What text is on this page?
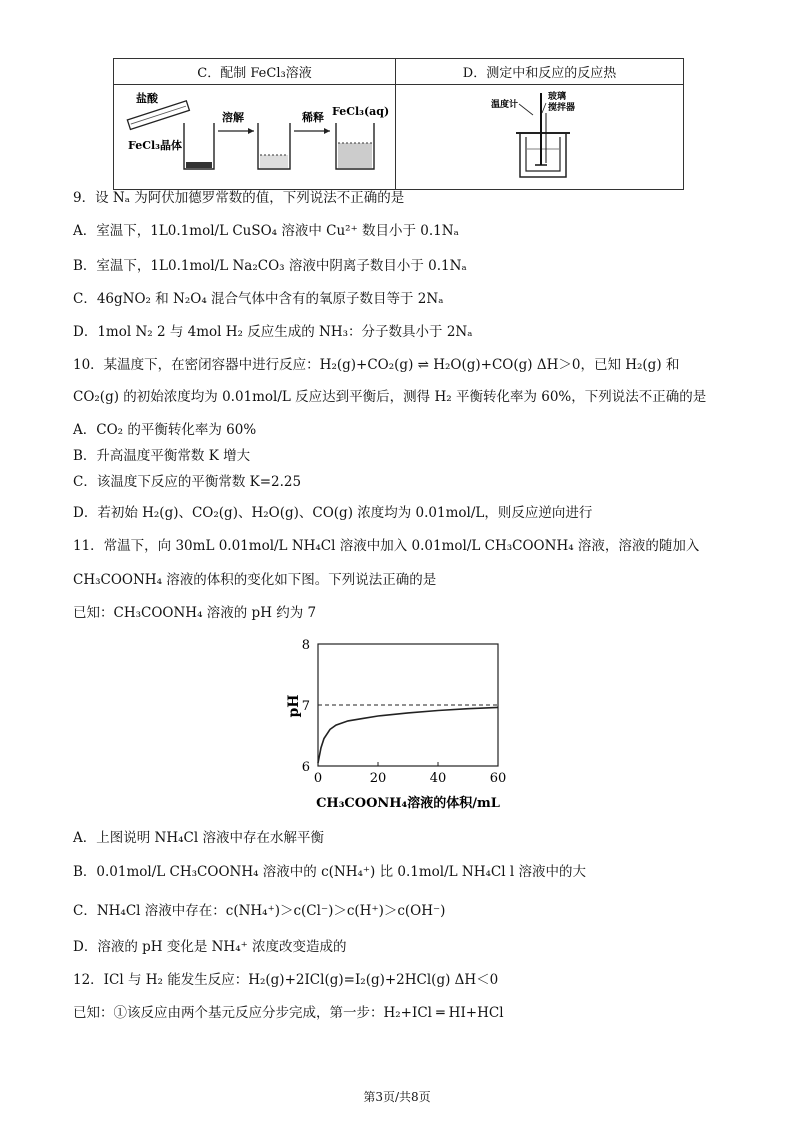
C．配制 FeCl₃溶液	D．测定中和反应的反应热

盐酸
FeCl₃晶体
溶解 稀释 FeCl₃(aq)	温度计
玻璃
搅拌器
9．设 Nₐ 为阿伏加德罗常数的值，下列说法不正确的是
A．室温下，1L0.1mol/L CuSO₄ 溶液中 Cu²⁺ 数目小于 0.1Nₐ
B．室温下，1L0.1mol/L Na₂CO₃ 溶液中阴离子数目小于 0.1Nₐ
C．46gNO₂ 和 N₂O₄ 混合气体中含有的氧原子数目等于 2Nₐ
D．1mol N₂ 2 与 4mol H₂ 反应生成的 NH₃：分子数具小于 2Nₐ
10．某温度下，在密闭容器中进行反应：H₂(g)+CO₂(g) ⇌ H₂O(g)+CO(g) ΔH＞0，已知 H₂(g) 和
CO₂(g) 的初始浓度均为 0.01mol/L 反应达到平衡后，测得 H₂ 平衡转化率为 60%，下列说法不正确的是
A．CO₂ 的平衡转化率为 60%
B．升高温度平衡常数 K 增大
C．该温度下反应的平衡常数 K=2.25
D．若初始 H₂(g)、CO₂(g)、H₂O(g)、CO(g) 浓度均为 0.01mol/L，则反应逆向进行
11．常温下，向 30mL 0.01mol/L NH₄Cl 溶液中加入 0.01mol/L CH₃COONH₄ 溶液，溶液的随加入
CH₃COONH₄ 溶液的体积的变化如下图。下列说法正确的是
已知：CH₃COONH₄ 溶液的 pH 约为 7
0	20	40	60
6
7
8
pH
CH₃COONH₄溶液的体积/mL
A．上图说明 NH₄Cl 溶液中存在水解平衡
B．0.01mol/L CH₃COONH₄ 溶液中的 c(NH₄⁺) 比 0.1mol/L NH₄Cl l 溶液中的大
C．NH₄Cl 溶液中存在：c(NH₄⁺)＞c(Cl⁻)＞c(H⁺)＞c(OH⁻)
D．溶液的 pH 变化是 NH₄⁺ 浓度改变造成的
12．ICl 与 H₂ 能发生反应：H₂(g)+2ICl(g)=I₂(g)+2HCl(g) ΔH＜0
已知：①该反应由两个基元反应分步完成，第一步：H₂+ICl ═ HI+HCl
第3页/共8页
